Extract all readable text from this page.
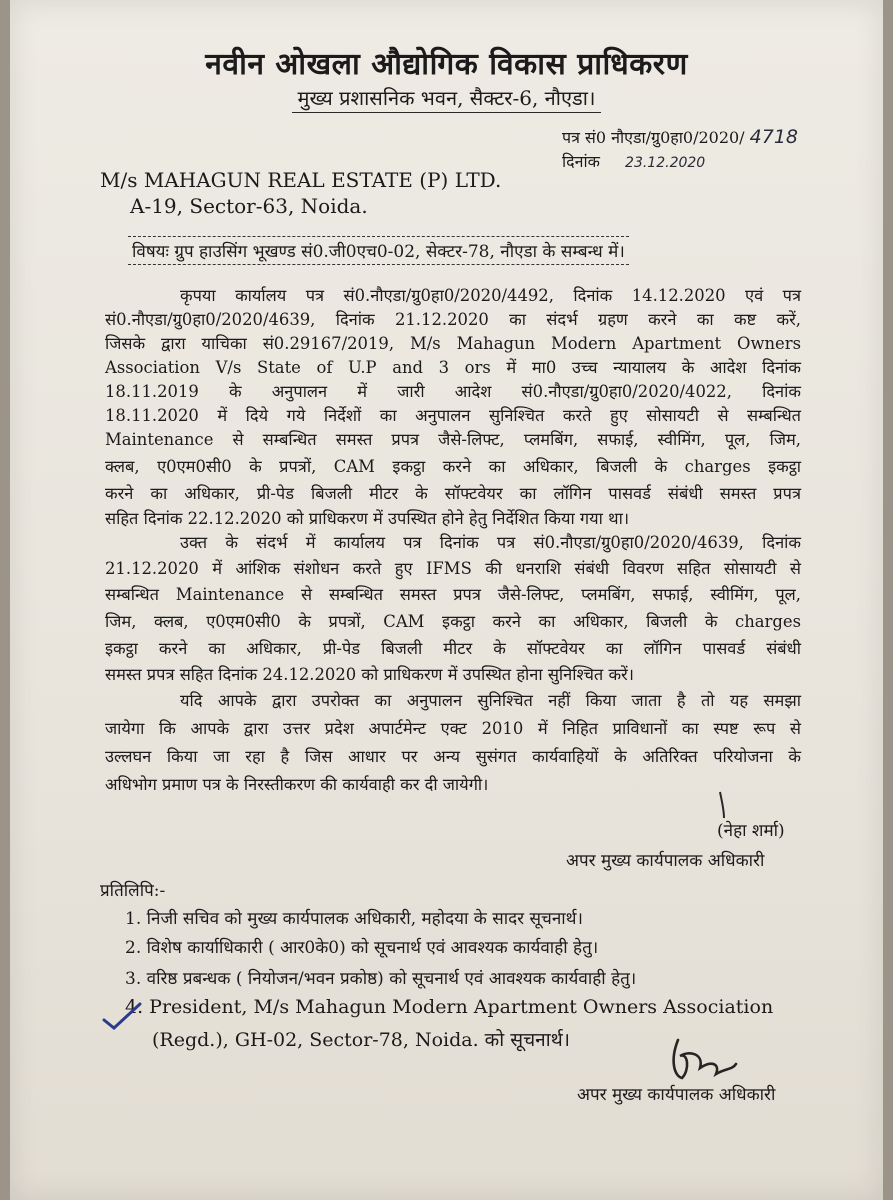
नवीन ओखला औद्योगिक विकास प्राधिकरण
मुख्य प्रशासनिक भवन, सैक्टर-6, नौएडा।
पत्र सं0 नौएडा/ग्रु0हा0/2020/ 4718
दिनांक 23.12.2020
M/s MAHAGUN REAL ESTATE (P) LTD.
A-19, Sector-63, Noida.
विषयः ग्रुप हाउसिंग भूखण्ड सं0.जी0एच0-02, सेक्टर-78, नौएडा के सम्बन्ध में।
कृपया कार्यालय पत्र सं0.नौएडा/ग्रु0हा0/2020/4492, दिनांक 14.12.2020 एवं पत्र
सं0.नौएडा/ग्रु0हा0/2020/4639, दिनांक 21.12.2020 का संदर्भ ग्रहण करने का कष्ट करें,
जिसके द्वारा याचिका सं0.29167/2019, M/s Mahagun Modern Apartment Owners
Association V/s State of U.P and 3 ors में मा0 उच्च न्यायालय के आदेश दिनांक
18.11.2019 के अनुपालन में जारी आदेश सं0.नौएडा/ग्रु0हा0/2020/4022, दिनांक
18.11.2020 में दिये गये निर्देशों का अनुपालन सुनिश्चित करते हुए सोसायटी से सम्बन्धित
Maintenance से सम्बन्धित समस्त प्रपत्र जैसे-लिफ्ट, प्लमबिंग, सफाई, स्वीमिंग, पूल, जिम,
क्लब, ए0एम0सी0 के प्रपत्रों, CAM इकट्ठा करने का अधिकार, बिजली के charges इकट्ठा
करने का अधिकार, प्री-पेड बिजली मीटर के सॉफ्टवेयर का लॉगिन पासवर्ड संबंधी समस्त प्रपत्र
सहित दिनांक 22.12.2020 को प्राधिकरण में उपस्थित होने हेतु निर्देशित किया गया था।
उक्त के संदर्भ में कार्यालय पत्र दिनांक पत्र सं0.नौएडा/ग्रु0हा0/2020/4639, दिनांक
21.12.2020 में आंशिक संशोधन करते हुए IFMS की धनराशि संबंधी विवरण सहित सोसायटी से
सम्बन्धित Maintenance से सम्बन्धित समस्त प्रपत्र जैसे-लिफ्ट, प्लमबिंग, सफाई, स्वीमिंग, पूल,
जिम, क्लब, ए0एम0सी0 के प्रपत्रों, CAM इकट्ठा करने का अधिकार, बिजली के charges
इकट्ठा करने का अधिकार, प्री-पेड बिजली मीटर के सॉफ्टवेयर का लॉगिन पासवर्ड संबंधी
समस्त प्रपत्र सहित दिनांक 24.12.2020 को प्राधिकरण में उपस्थित होना सुनिश्चित करें।
यदि आपके द्वारा उपरोक्त का अनुपालन सुनिश्चित नहीं किया जाता है तो यह समझा
जायेगा कि आपके द्वारा उत्तर प्रदेश अपार्टमेन्ट एक्ट 2010 में निहित प्राविधानों का स्पष्ट रूप से
उल्लघन किया जा रहा है जिस आधार पर अन्य सुसंगत कार्यवाहियों के अतिरिक्त परियोजना के
अधिभोग प्रमाण पत्र के निरस्तीकरण की कार्यवाही कर दी जायेगी।
(नेहा शर्मा)
अपर मुख्य कार्यपालक अधिकारी
प्रतिलिपि:-
1. निजी सचिव को मुख्य कार्यपालक अधिकारी, महोदया के सादर सूचनार्थ।
2. विशेष कार्याधिकारी ( आर0के0) को सूचनार्थ एवं आवश्यक कार्यवाही हेतु।
3. वरिष्ठ प्रबन्धक ( नियोजन/भवन प्रकोष्ठ) को सूचनार्थ एवं आवश्यक कार्यवाही हेतु।
4. President, M/s Mahagun Modern Apartment Owners Association
(Regd.), GH-02, Sector-78, Noida. को सूचनार्थ।
अपर मुख्य कार्यपालक अधिकारी
